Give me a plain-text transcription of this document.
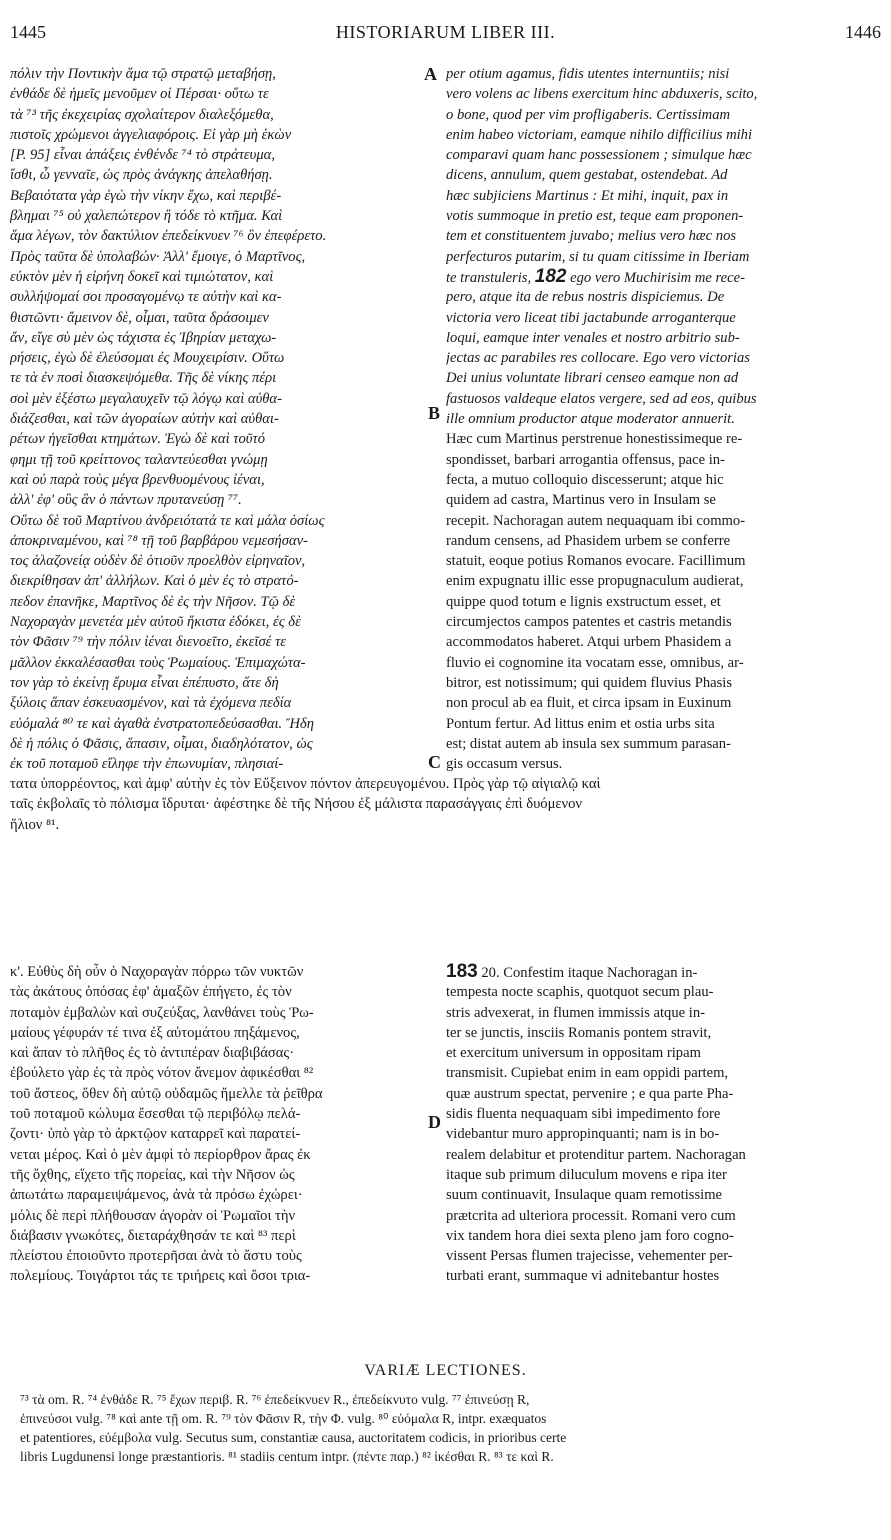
1445	HISTORIARUM LIBER III.	1446

πόλιν τὴν Ποντικὴν ἅμα τῷ στρατῷ μεταβήσῃ,

ἐνθάδε δὲ ἡμεῖς μενοῦμεν οἱ Πέρσαι· οὕτω τε

τὰ ⁷³ τῆς ἐκεχειρίας σχολαίτερον διαλεξόμεθα,

πιστοῖς χρώμενοι ἀγγελιαφόροις. Εἰ γὰρ μὴ ἑκὼν

[P. 95] εἶναι ἀπάξεις ἐνθένδε ⁷⁴ τὸ στράτευμα,

ἴσθι, ὦ γενναῖε, ὡς πρὸς ἀνάγκης ἀπελαθήσῃ.

Βεβαιότατα γὰρ ἐγὼ τὴν νίκην ἔχω, καὶ περιβέ-

βλημαι ⁷⁵ οὐ χαλεπώτερον ἢ τόδε τὸ κτῆμα. Καὶ

ἅμα λέγων, τὸν δακτύλιον ἐπεδείκνυεν ⁷⁶ ὃν ἐπεφέρετο.

Πρὸς ταῦτα δὲ ὑπολαβών· Ἀλλ' ἔμοιγε, ὁ Μαρτῖνος,

εὐκτὸν μὲν ἡ εἰρήνη δοκεῖ καὶ τιμιώτατον, καὶ

συλλήψομαί σοι προσαγομένῳ τε αὐτὴν καὶ κα-

θιστῶντι· ἄμεινον δὲ, οἶμαι, ταῦτα δράσοιμεν

ἄν, εἴγε σὺ μὲν ὡς τάχιστα ἐς Ἰβηρίαν μεταχω-

ρήσεις, ἐγὼ δὲ ἐλεύσομαι ἐς Μουχειρίσιν. Οὕτω

τε τὰ ἐν ποσὶ διασκεψόμεθα. Τῆς δὲ νίκης πέρι

σοὶ μὲν ἐξέστω μεγαλαυχεῖν τῷ λόγῳ καὶ αὐθα-

διάζεσθαι, καὶ τῶν ἀγοραίων αὐτὴν καὶ αὐθαι-

ρέτων ἡγεῖσθαι κτημάτων. Ἐγὼ δὲ καὶ τοῦτό

φημι τῇ τοῦ κρείττονος ταλαντεύεσθαι γνώμῃ

καὶ οὐ παρὰ τοὺς μέγα βρενθυομένους ἰέναι,

ἀλλ' ἐφ' οὓς ἂν ὁ πάντων πρυτανεύσῃ ⁷⁷.

Οὕτω δὲ τοῦ Μαρτίνου ἀνδρειότατά τε καὶ μάλα ὁσίως

ἀποκριναμένου, καὶ ⁷⁸ τῇ τοῦ βαρβάρου νεμεσήσαν-

τος ἀλαζονείᾳ οὐδὲν δὲ ὁτιοῦν προελθὸν εἰρηναῖον,

διεκρίθησαν ἀπ' ἀλλήλων. Καὶ ὁ μὲν ἐς τὸ στρατό-

πεδον ἐπανῆκε, Μαρτῖνος δὲ ἐς τὴν Νῆσον. Τῷ δὲ

Ναχοραγὰν μενετέα μὲν αὐτοῦ ἥκιστα ἐδόκει, ἐς δὲ

τὸν Φᾶσιν ⁷⁹ τὴν πόλιν ἰέναι διενοεῖτο, ἐκεῖσέ τε

μᾶλλον ἐκκαλέσασθαι τοὺς Ῥωμαίους. Ἐπιμαχώτα-

τον γὰρ τὸ ἐκείνῃ ἔρυμα εἶναι ἐπέπυστο, ἅτε δὴ

ξύλοις ἅπαν ἐσκευασμένον, καὶ τὰ ἐχόμενα πεδία

εὐόμαλά ⁸⁰ τε καὶ ἀγαθὰ ἐνστρατοπεδεύσασθαι. Ἤδη

δὲ ἡ πόλις ὁ Φᾶσις, ἅπασιν, οἶμαι, διαδηλότατον, ὡς

ἐκ τοῦ ποταμοῦ εἴληφε τὴν ἐπωνυμίαν, πλησιαί-

per otium agamus, fidis utentes internuntiis; nisi

vero volens ac libens exercitum hinc abduxeris, scito,

o bone, quod per vim profligaberis. Certissimam

enim habeo victoriam, eamque nihilo difficilius mihi

comparavi quam hanc possessionem ; simulque hæc

dicens, annulum, quem gestabat, ostendebat. Ad

hæc subjiciens Martinus : Et mihi, inquit, pax in

votis summoque in pretio est, teque eam proponen-

tem et constituentem juvabo; melius vero hæc nos

perfecturos putarim, si tu quam citissime in Iberiam

te transtuleris, 182 ego vero Muchirisim me rece-

pero, atque ita de rebus nostris dispiciemus. De

victoria vero liceat tibi jactabunde arroganterque

loqui, eamque inter venales et nostro arbitrio sub-

jectas ac parabiles res collocare. Ego vero victorias

Dei unius voluntate librari censeo eamque non ad

fastuosos valdeque elatos vergere, sed ad eos, quibus

ille omnium productor atque moderator annuerit.

Hæc cum Martinus perstrenue honestissimeque re-

spondisset, barbari arrogantia offensus, pace in-

fecta, a mutuo colloquio discesserunt; atque hic

quidem ad castra, Martinus vero in Insulam se

recepit. Nachoragan autem nequaquam ibi commo-

randum censens, ad Phasidem urbem se conferre

statuit, eoque potius Romanos evocare. Facillimum

enim expugnatu illic esse propugnaculum audierat,

quippe quod totum e lignis exstructum esset, et

circumjectos campos patentes et castris metandis

accommodatos haberet. Atqui urbem Phasidem a

fluvio ei cognomine ita vocatam esse, omnibus, ar-

bitror, est notissimum; qui quidem fluvius Phasis

non procul ab ea fluit, et circa ipsam in Euxinum

Pontum fertur. Ad littus enim et ostia urbs sita

est; distat autem ab insula sex summum parasan-

gis occasum versus.

A
B
C
D

τατα ὑπορρέοντος, καὶ ἀμφ' αὐτὴν ἐς τὸν Εὔξεινον πόντον ἀπερευγομένου. Πρὸς γὰρ τῷ αἰγιαλῷ καὶ

ταῖς ἐκβολαῖς τὸ πόλισμα ἵδρυται· ἀφέστηκε δὲ τῆς Νήσου ἐξ μάλιστα παρασάγγαις ἐπὶ δυόμενον

ἥλιον ⁸¹.

κ'. Εὐθὺς δὴ οὖν ὁ Ναχοραγὰν πόρρω τῶν νυκτῶν

τὰς ἀκάτους ὁπόσας ἐφ' ἁμαξῶν ἐπήγετο, ἐς τὸν

ποταμὸν ἐμβαλὼν καὶ συζεύξας, λανθάνει τοὺς Ῥω-

μαίους γέφυράν τέ τινα ἐξ αὐτομάτου πηξάμενος,

καὶ ἅπαν τὸ πλῆθος ἐς τὸ ἀντιπέραν διαβιβάσας·

ἐβούλετο γὰρ ἐς τὰ πρὸς νότον ἄνεμον ἀφικέσθαι ⁸²

τοῦ ἄστεος, ὅθεν δὴ αὐτῷ οὐδαμῶς ἤμελλε τὰ ῥεῖθρα

τοῦ ποταμοῦ κώλυμα ἔσεσθαι τῷ περιβόλῳ πελά-

ζοντι· ὑπὸ γὰρ τὸ ἀρκτῷον καταρρεῖ καὶ παρατεί-

νεται μέρος. Καὶ ὁ μὲν ἀμφὶ τὸ περίορθρον ἄρας ἐκ

τῆς ὄχθης, εἴχετο τῆς πορείας, καὶ τὴν Νῆσον ὡς

ἀπωτάτω παραμειψάμενος, ἀνὰ τὰ πρόσω ἐχώρει·

μόλις δὲ περὶ πλήθουσαν ἀγορὰν οἱ Ῥωμαῖοι τὴν

διάβασιν γνωκότες, διεταράχθησάν τε καὶ ⁸³ περὶ

πλείστου ἐποιοῦντο προτερῆσαι ἀνὰ τὸ ἄστυ τοὺς

πολεμίους. Τοιγάρτοι τάς τε τριήρεις καὶ ὅσοι τρια-

183 20. Confestim itaque Nachoragan in-

tempesta nocte scaphis, quotquot secum plau-

stris advexerat, in flumen immissis atque in-

ter se junctis, insciis Romanis pontem stravit,

et exercitum universum in oppositam ripam

transmisit. Cupiebat enim in eam oppidi partem,

quæ austrum spectat, pervenire ; e qua parte Pha-

sidis fluenta nequaquam sibi impedimento fore

videbantur muro appropinquanti; nam is in bo-

realem delabitur et protenditur partem. Nachoragan

itaque sub primum diluculum movens e ripa iter

suum continuavit, Insulaque quam remotissime

prætcrita ad ulteriora processit. Romani vero cum

vix tandem hora diei sexta pleno jam foro cogno-

vissent Persas flumen trajecisse, vehementer per-

turbati erant, summaque vi adnitebantur hostes

VARIÆ LECTIONES.

⁷³ τὰ om. R. ⁷⁴ ἐνθάδε R. ⁷⁵ ἔχων περιβ. R. ⁷⁶ ἐπεδείκνυεν R., ἐπεδείκνυτο vulg. ⁷⁷ ἐπινεύσῃ R,

ἐπινεύσοι vulg. ⁷⁸ καὶ ante τῇ om. R. ⁷⁹ τὸν Φᾶσιν R, τὴν Φ. vulg. ⁸⁰ εὐόμαλα R, intpr. exæquatos

et patentiores, εὐέμβολα vulg. Secutus sum, constantiæ causa, auctoritatem codicis, in prioribus certe

libris Lugdunensi longe præstantioris. ⁸¹ stadiis centum intpr. (πέντε παρ.) ⁸² ἱκέσθαι R. ⁸³ τε καὶ R.
